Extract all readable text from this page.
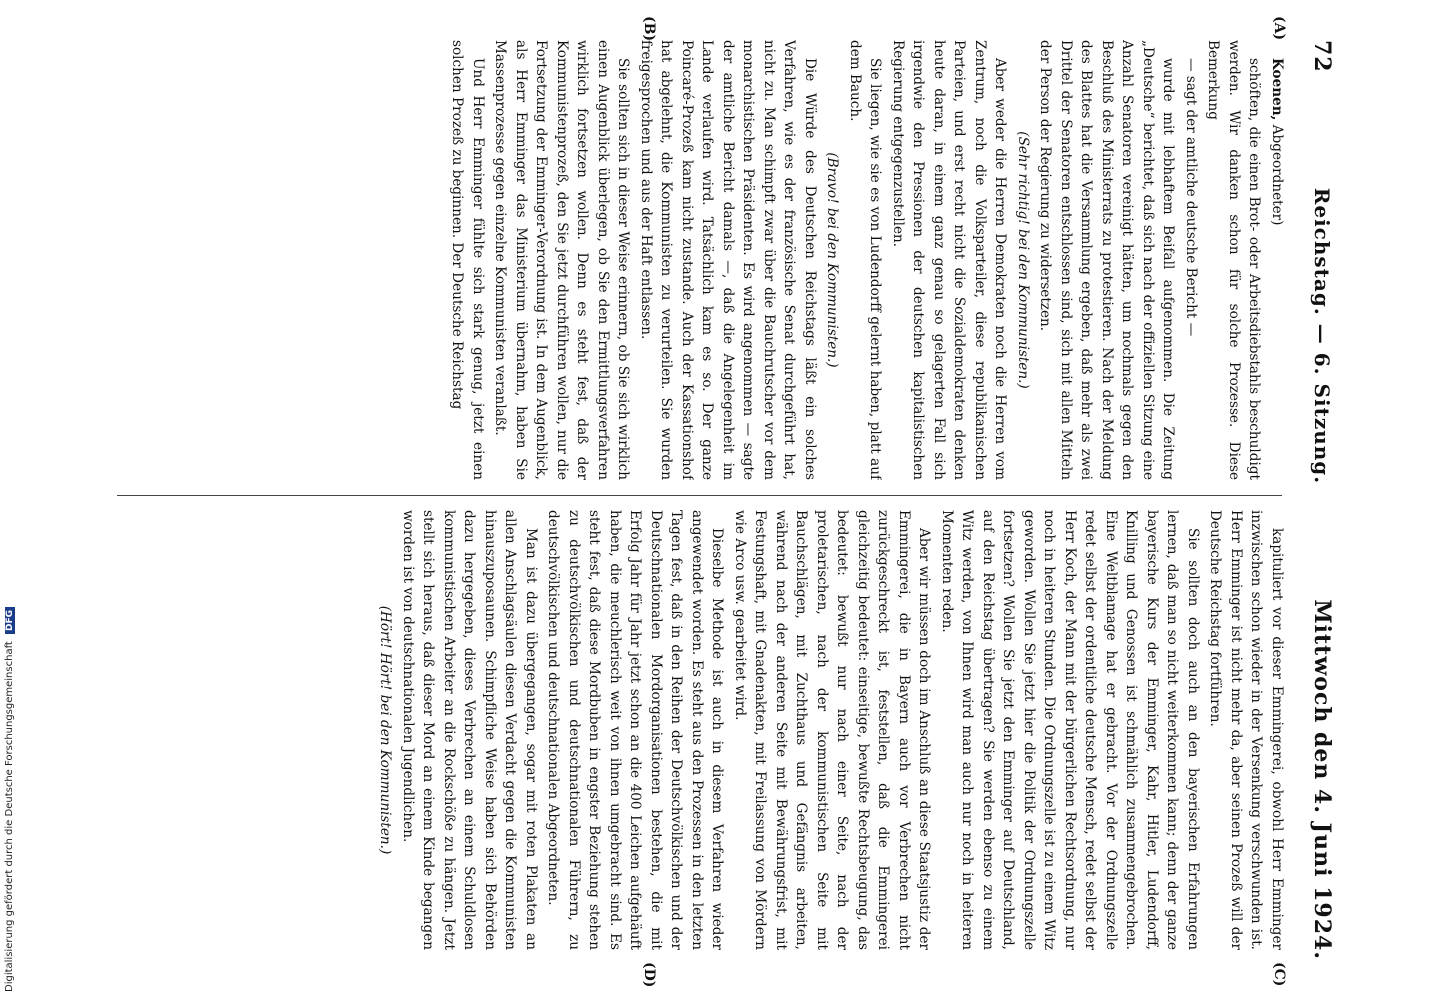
Digitalisierung gefördert durch die Deutsche Forschungsgemeinschaft DFG
72
Reichstag. — 6. Sitzung.
Mittwoch den 4. Juni 1924.
(A)
(B)
(C)
(D)

Koenen, Abgeordneter)

schöften, die einen Brot- oder Arbeitsdiebstahls beschuldigt werden. Wir danken schon für solche Prozesse. Diese Bemerkung

— sagt der amtliche deutsche Bericht —

wurde mit lebhaftem Beifall aufgenommen. Die Zeitung „Deutsche“ berichtet, daß sich nach der offiziellen Sitzung eine Anzahl Senatoren vereinigt hätten, um nochmals gegen den Beschluß des Ministerrats zu protestieren. Nach der Meldung des Blattes hat die Versammlung ergeben, daß mehr als zwei Drittel der Senatoren entschlossen sind, sich mit allen Mitteln der Person der Regierung zu widersetzen.

(Sehr richtig! bei den Kommunisten.)

Aber weder die Herren Demokraten noch die Herren vom Zentrum, noch die Volksparteiler, diese republikanischen Parteien, und erst recht nicht die Sozialdemokraten denken heute daran, in einem ganz genau so gelagerten Fall sich irgendwie den Pressionen der deutschen kapitalistischen Regierung entgegenzustellen.

Sie liegen, wie sie es von Ludendorff gelernt haben, platt auf dem Bauch.

(Bravo! bei den Kommunisten.)

Die Würde des Deutschen Reichstags läßt ein solches Verfahren, wie es der französische Senat durchgeführt hat, nicht zu. Man schimpft zwar über die Bauchrutscher vor dem monarchistischen Präsidenten. Es wird angenommen — sagte der amtliche Bericht damals —, daß die Angelegenheit im Lande verlaufen wird. Tatsächlich kam es so. Der ganze Poincaré-Prozeß kam nicht zustande. Auch der Kassationshof hat abgelehnt, die Kommunisten zu verurteilen. Sie wurden freigesprochen und aus der Haft entlassen.

Sie sollten sich in dieser Weise erinnern, ob Sie sich wirklich einen Augenblick überlegen, ob Sie den Ermittlungsverfahren wirklich fortsetzen wollen. Denn es steht fest, daß der Kommunistenprozeß, den Sie jetzt durchführen wollen, nur die Fortsetzung der Emminger-Verordnung ist. In dem Augenblick, als Herr Emminger das Ministerium übernahm, haben Sie Massenprozesse gegen einzelne Kommunisten veranlaßt.

Und Herr Emminger fühlte sich stark genug, jetzt einen solchen Prozeß zu beginnen. Der Deutsche Reichstag

kapituliert vor dieser Emmingerei, obwohl Herr Emminger inzwischen schon wieder in der Versenkung verschwunden ist. Herr Emminger ist nicht mehr da, aber seinen Prozeß will der Deutsche Reichstag fortführen.

Sie sollten doch auch an den bayerischen Erfahrungen lernen, daß man so nicht weiterkommen kann; denn der ganze bayerische Kurs der Emminger, Kahr, Hitler, Ludendorff, Knilling und Genossen ist schmählich zusammengebrochen. Eine Weltblamage hat er gebracht. Vor der Ordnungszelle redet selbst der ordentliche deutsche Mensch, redet selbst der Herr Koch, der Mann mit der bürgerlichen Rechtsordnung, nur noch in heiteren Stunden. Die Ordnungszelle ist zu einem Witz geworden. Wollen Sie jetzt hier die Politik der Ordnungszelle fortsetzen? Wollen Sie jetzt den Emminger auf Deutschland, auf den Reichstag übertragen? Sie werden ebenso zu einem Witz werden, von Ihnen wird man auch nur noch in heiteren Momenten reden.

Aber wir müssen doch im Anschluß an diese Staatsjustiz der Emmingerei, die in Bayern auch vor Verbrechen nicht zurückgeschreckt ist, feststellen, daß die Emmingerei gleichzeitig bedeutet: einseitige, bewußte Rechtsbeugung, das bedeutet: bewußt nur nach einer Seite, nach der proletarischen, nach der kommunistischen Seite mit Bauchschlägen, mit Zuchthaus und Gefängnis arbeiten, während nach der anderen Seite mit Bewährungsfrist, mit Festungshaft, mit Gnadenakten, mit Freilassung von Mördern wie Arco usw. gearbeitet wird.

Dieselbe Methode ist auch in diesem Verfahren wieder angewendet worden. Es steht aus den Prozessen in den letzten Tagen fest, daß in den Reihen der Deutschvölkischen und der Deutschnationalen Mordorganisationen bestehen, die mit Erfolg Jahr für Jahr jetzt schon an die 400 Leichen aufgehäuft haben, die meuchlerisch weit von ihnen umgebracht sind. Es steht fest, daß diese Mordbuben in engster Beziehung stehen zu deutschvölkischen und deutschnationalen Führern, zu deutschvölkischen und deutschnationalen Abgeordneten.

Man ist dazu übergegangen, sogar mit roten Plakaten an allen Anschlagsäulen diesen Verdacht gegen die Kommunisten hinauszuposaunen. Schimpfliche Weise haben sich Behörden dazu hergegeben, dieses Verbrechen an einem Schuldlosen kommunistischen Arbeiter an die Rockschöße zu hängen. Jetzt stellt sich heraus, daß dieser Mord an einem Kinde begangen worden ist von deutschnationalen Jugendlichen.

(Hört! Hört! bei den Kommunisten.)
